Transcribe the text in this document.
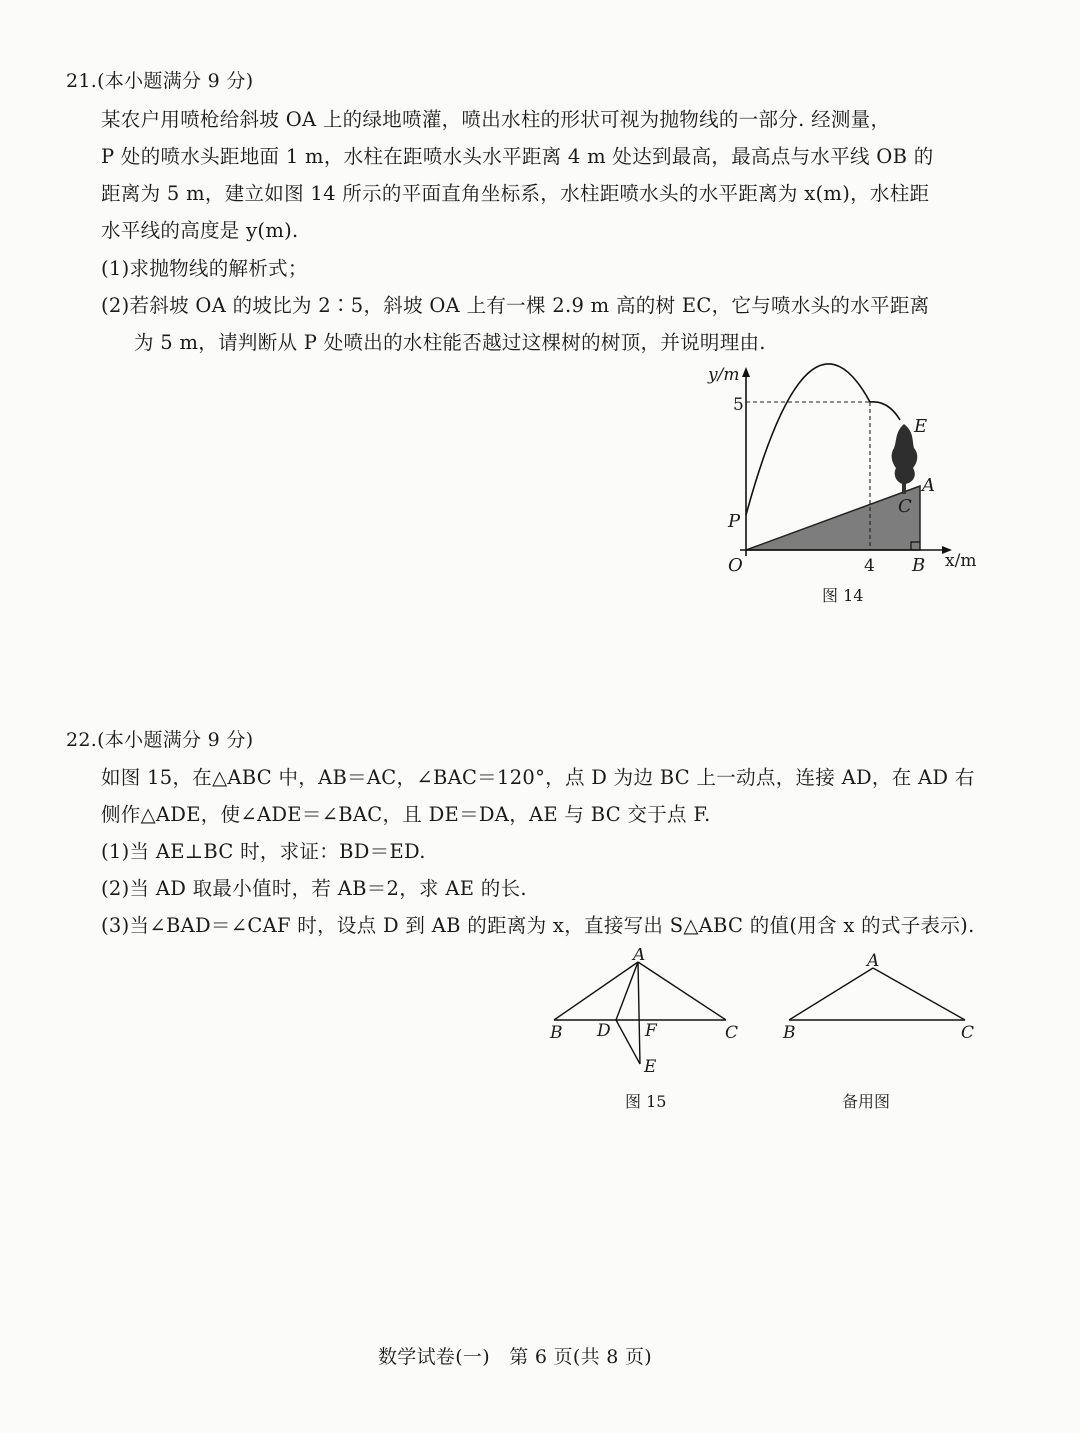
21.(本小题满分 9 分)
某农户用喷枪给斜坡 OA 上的绿地喷灌，喷出水柱的形状可视为抛物线的一部分. 经测量，
P 处的喷水头距地面 1 m，水柱在距喷水头水平距离 4 m 处达到最高，最高点与水平线 OB 的
距离为 5 m，建立如图 14 所示的平面直角坐标系，水柱距喷水头的水平距离为 x(m)，水柱距
水平线的高度是 y(m).
(1)求抛物线的解析式；
(2)若斜坡 OA 的坡比为 2∶5，斜坡 OA 上有一棵 2.9 m 高的树 EC，它与喷水头的水平距离
为 5 m，请判断从 P 处喷出的水柱能否越过这棵树的树顶，并说明理由.
y/m
x/m
5
4
O
P
A
B
C
E
图 14
22.(本小题满分 9 分)
如图 15，在△ABC 中，AB＝AC，∠BAC＝120°，点 D 为边 BC 上一动点，连接 AD，在 AD 右
侧作△ADE，使∠ADE＝∠BAC，且 DE＝DA，AE 与 BC 交于点 F.
(1)当 AE⊥BC 时，求证：BD＝ED.
(2)当 AD 取最小值时，若 AB＝2，求 AE 的长.
(3)当∠BAD＝∠CAF 时，设点 D 到 AB 的距离为 x，直接写出 S△ABC 的值(用含 x 的式子表示).
A
B	C
D F
E
图 15
A
B	C
备用图
数学试卷(一)　第 6 页(共 8 页)
